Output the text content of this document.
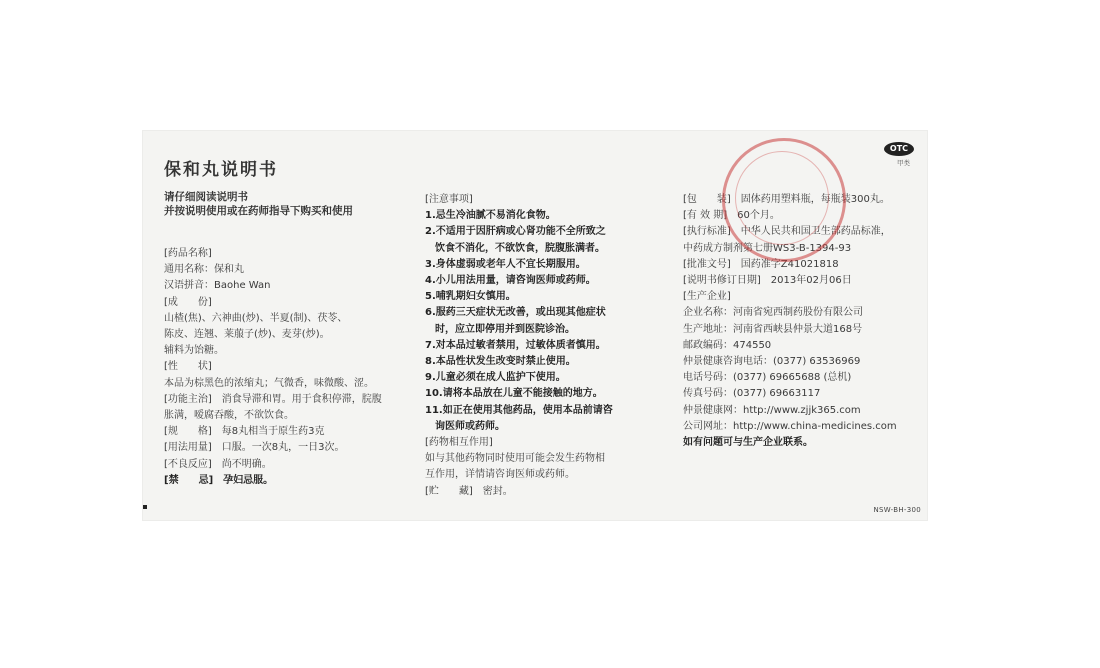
保和丸说明书
请仔细阅读说明书
并按说明使用或在药师指导下购买和使用
[药品名称]
通用名称：保和丸
汉语拼音：Baohe Wan
[成　　份]
山楂(焦)、六神曲(炒)、半夏(制)、茯苓、
陈皮、连翘、莱菔子(炒)、麦芽(炒)。
辅料为饴糖。
[性　　状]
本品为棕黑色的浓缩丸；气微香，味微酸、涩。
[功能主治]　消食导滞和胃。用于食积停滞，脘腹
胀满，嗳腐吞酸，不欲饮食。
[规　　格]　每8丸相当于原生药3克
[用法用量]　口服。一次8丸，一日3次。
[不良反应]　尚不明确。
[禁　　忌]　孕妇忌服。
[注意事项]
1.忌生冷油腻不易消化食物。
2.不适用于因肝病或心肾功能不全所致之
　饮食不消化，不欲饮食，脘腹胀满者。
3.身体虚弱或老年人不宜长期服用。
4.小儿用法用量，请咨询医师或药师。
5.哺乳期妇女慎用。
6.服药三天症状无改善，或出现其他症状
　时，应立即停用并到医院诊治。
7.对本品过敏者禁用，过敏体质者慎用。
8.本品性状发生改变时禁止使用。
9.儿童必须在成人监护下使用。
10.请将本品放在儿童不能接触的地方。
11.如正在使用其他药品，使用本品前请咨
　询医师或药师。
[药物相互作用]
如与其他药物同时使用可能会发生药物相
互作用，详情请咨询医师或药师。
[贮　　藏]　密封。
[包　　装]　固体药用塑料瓶，每瓶装300丸。
[有 效 期]　60个月。
[执行标准]　中华人民共和国卫生部药品标准，
中药成方制剂第七册WS3-B-1394-93
[批准文号]　国药准字Z41021818
[说明书修订日期]　2013年02月06日
[生产企业]
企业名称：河南省宛西制药股份有限公司
生产地址：河南省西峡县仲景大道168号
邮政编码：474550
仲景健康咨询电话：(0377) 63536969
电话号码：(0377) 69665688 (总机)
传真号码：(0377) 69663117
仲景健康网：http://www.zjjk365.com
公司网址：http://www.china-medicines.com
如有问题可与生产企业联系。
OTC
甲类
NSW-BH-300
